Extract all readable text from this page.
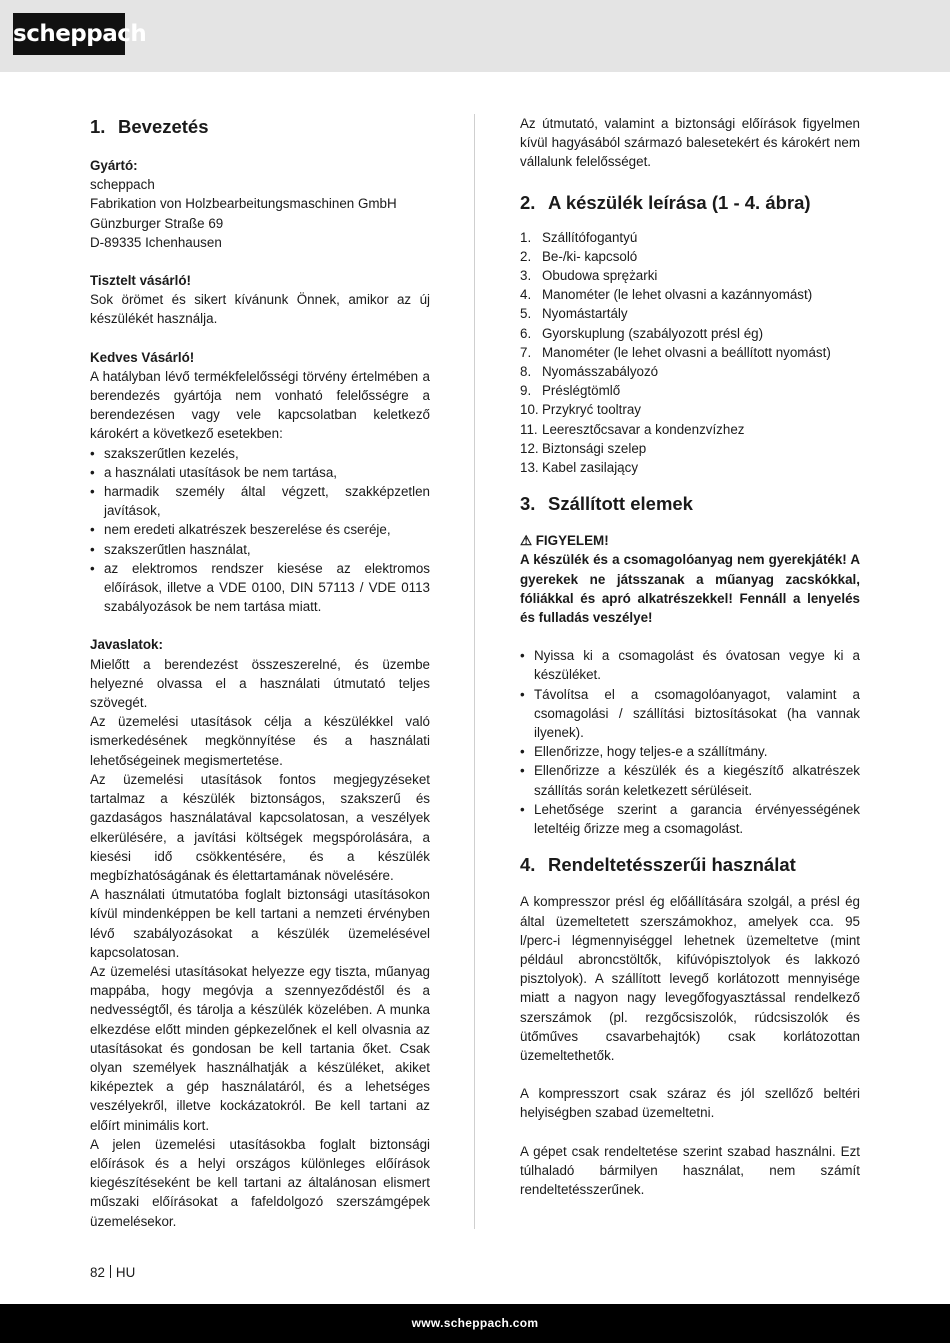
scheppach
1. Bevezetés

Gyártó:

scheppach

Fabrikation von Holzbearbeitungsmaschinen GmbH

Günzburger Straße 69

D-89335 Ichenhausen

Tisztelt vásárló!

Sok örömet és sikert kívánunk Önnek, amikor az új készülékét használja.

Kedves Vásárló!

A hatályban lévő termékfelelősségi törvény értelmében a berendezés gyártója nem vonható felelősségre a berendezésen vagy vele kapcsolatban keletkező károkért a következő esetekben:

• szakszerűtlen kezelés,
• a használati utasítások be nem tartása,
• harmadik személy által végzett, szakképzetlen javítások,
• nem eredeti alkatrészek beszerelése és cseréje,
• szakszerűtlen használat,
• az elektromos rendszer kiesése az elektromos előírások, illetve a VDE 0100, DIN 57113 / VDE 0113 szabályozások be nem tartása miatt.

Javaslatok:

Mielőtt a berendezést összeszerelné, és üzembe helyezné olvassa el a használati útmutató teljes szövegét.

Az üzemelési utasítások célja a készülékkel való ismerkedésének megkönnyítése és a használati lehetőségeinek megismertetése.

Az üzemelési utasítások fontos megjegyzéseket tartalmaz a készülék biztonságos, szakszerű és gazdaságos használatával kapcsolatosan, a veszélyek elkerülésére, a javítási költségek megspórolására, a kiesési idő csökkentésére, és a készülék megbízhatóságának és élettartamának növelésére.

A használati útmutatóba foglalt biztonsági utasításokon kívül mindenképpen be kell tartani a nemzeti érvényben lévő szabályozásokat a készülék üzemelésével kapcsolatosan.

Az üzemelési utasításokat helyezze egy tiszta, műanyag mappába, hogy megóvja a szennyeződéstől és a nedvességtől, és tárolja a készülék közelében. A munka elkezdése előtt minden gépkezelőnek el kell olvasnia az utasításokat és gondosan be kell tartania őket. Csak olyan személyek használhatják a készüléket, akiket kiképeztek a gép használatáról, és a lehetséges veszélyekről, illetve kockázatokról. Be kell tartani az előírt minimális kort.

A jelen üzemelési utasításokba foglalt biztonsági előírások és a helyi országos különleges előírások kiegészítéseként be kell tartani az általánosan elismert műszaki előírásokat a fafeldolgozó szerszámgépek üzemelésekor.

Az útmutató, valamint a biztonsági előírások figyelmen kívül hagyásából származó balesetekért és károkért nem vállalunk felelősséget.

2. A készülék leírása (1 - 4. ábra)
1. Szállítófogantyú
2. Be-/ki- kapcsoló
3. Obudowa sprężarki
4. Manométer (le lehet olvasni a kazánnyomást)
5. Nyomástartály
6. Gyorskuplung (szabályozott présl ég)
7. Manométer (le lehet olvasni a beállított nyomást)
8. Nyomásszabályozó
9. Préslégtömlő
10. Przykryć tooltray
11. Leeresztőcsavar a kondenzvízhez
12. Biztonsági szelep
13. Kabel zasilający
3. Szállított elemek

⚠ FIGYELEM!

A készülék és a csomagolóanyag nem gyerekjáték! A gyerekek ne játsszanak a műanyag zacskókkal, fóliákkal és apró alkatrészekkel! Fennáll a lenyelés és fulladás veszélye!

• Nyissa ki a csomagolást és óvatosan vegye ki a készüléket.
• Távolítsa el a csomagolóanyagot, valamint a csomagolási / szállítási biztosításokat (ha vannak ilyenek).
• Ellenőrizze, hogy teljes-e a szállítmány.
• Ellenőrizze a készülék és a kiegészítő alkatrészek szállítás során keletkezett sérüléseit.
• Lehetősége szerint a garancia érvényességének leteltéig őrizze meg a csomagolást.
4. Rendeltetésszerűi használat

A kompresszor présl ég előállítására szolgál, a présl ég által üzemeltetett szerszámokhoz, amelyek cca. 95 l/perc-i légmennyiséggel lehetnek üzemeltetve (mint például abroncstöltők, kifúvópisztolyok és lakkozó pisztolyok). A szállított levegő korlátozott mennyisége miatt a nagyon nagy levegőfogyasztással rendelkező szerszámok (pl. rezgőcsiszolók, rúdcsiszolók és ütőműves csavarbehajtók) csak korlátozottan üzemeltethetők.

A kompresszort csak száraz és jól szellőző beltéri helyiségben szabad üzemeltetni.

A gépet csak rendeltetése szerint szabad használni. Ezt túlhaladó bármilyen használat, nem számít rendeltetésszerűnek.

82 HU
www.scheppach.com
